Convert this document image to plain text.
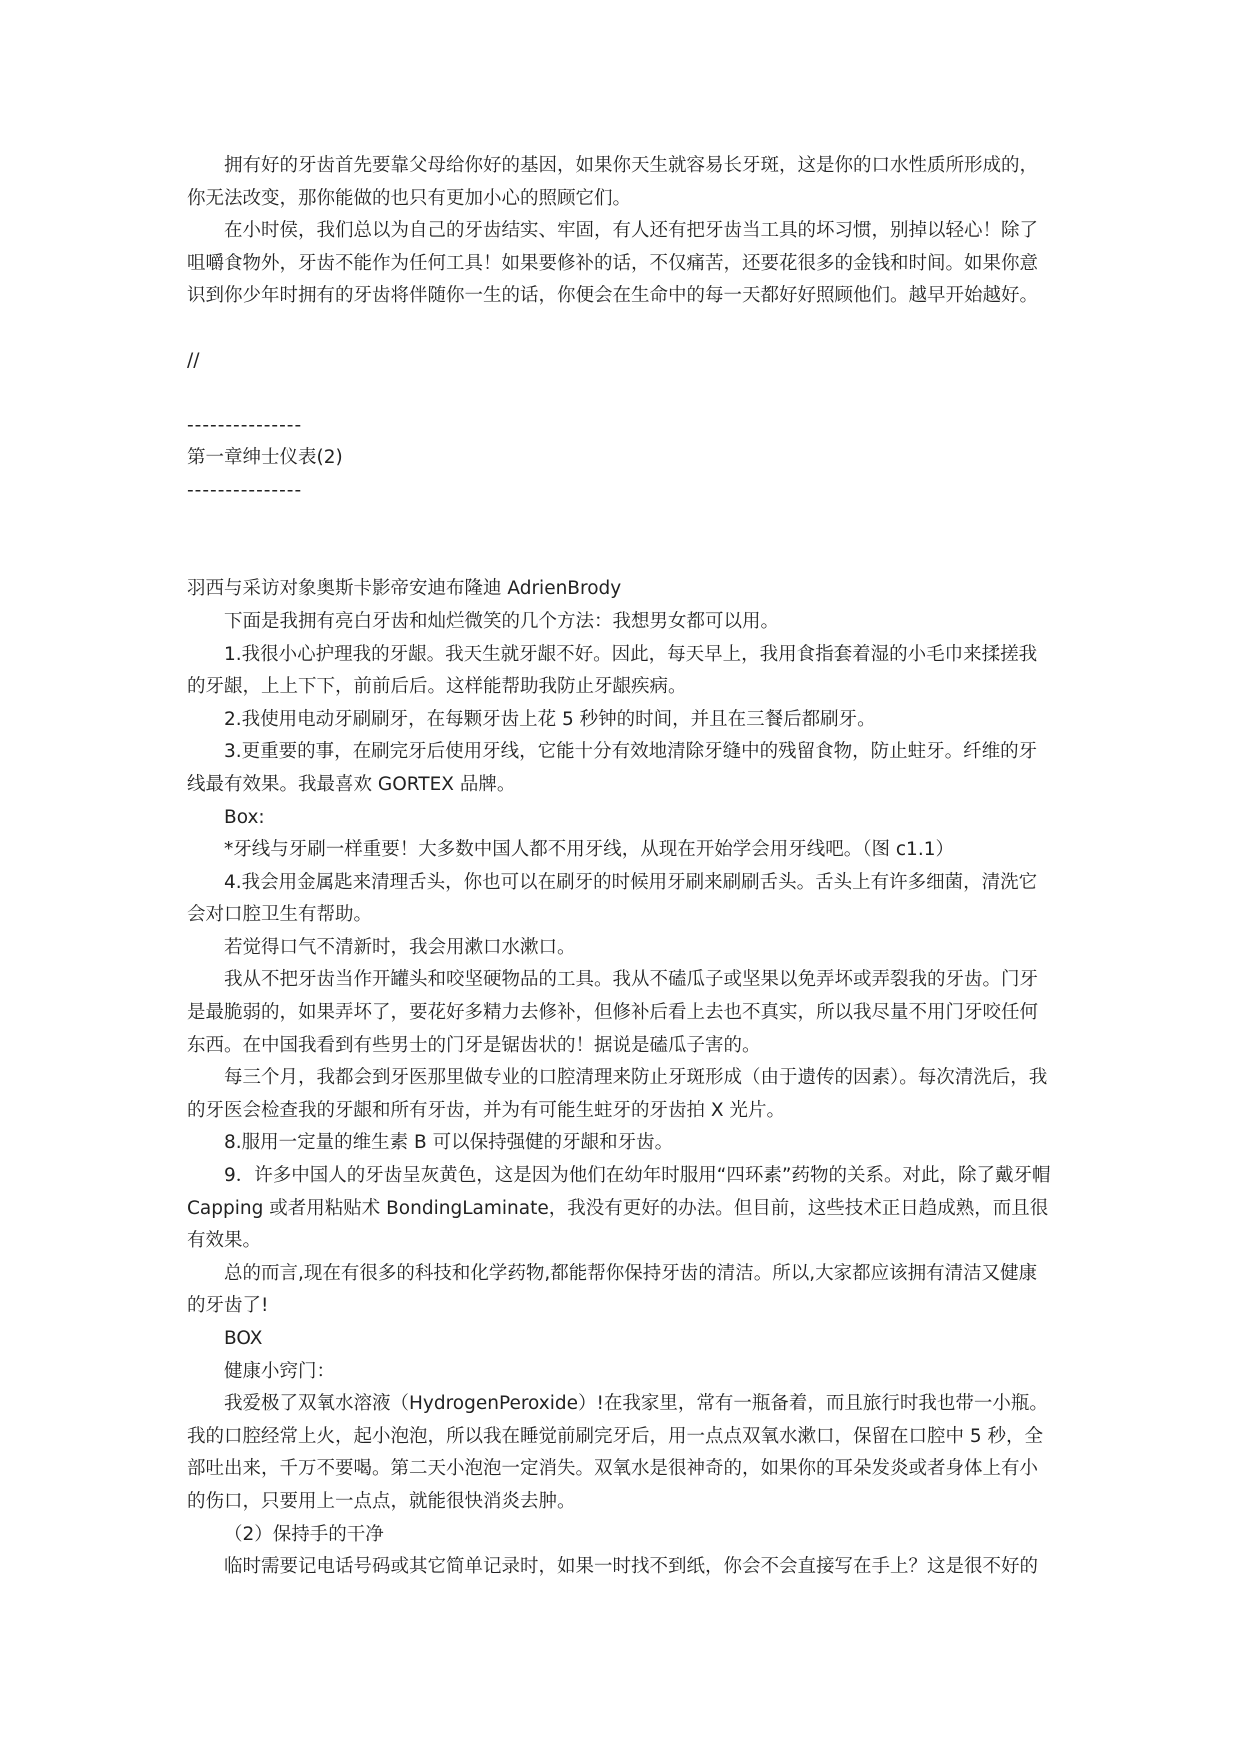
拥有好的牙齿首先要靠父母给你好的基因，如果你天生就容易长牙斑，这是你的口水性质所形成的，你无法改变，那你能做的也只有更加小心的照顾它们。

在小时侯，我们总以为自己的牙齿结实、牢固，有人还有把牙齿当工具的坏习惯，别掉以轻心！除了咀嚼食物外，牙齿不能作为任何工具！如果要修补的话，不仅痛苦，还要花很多的金钱和时间。如果你意识到你少年时拥有的牙齿将伴随你一生的话，你便会在生命中的每一天都好好照顾他们。越早开始越好。

//

---------------

第一章绅士仪表(2)

---------------

羽西与采访对象奥斯卡影帝安迪布隆迪 AdrienBrody

下面是我拥有亮白牙齿和灿烂微笑的几个方法：我想男女都可以用。

1.我很小心护理我的牙龈。我天生就牙龈不好。因此，每天早上，我用食指套着湿的小毛巾来揉搓我的牙龈，上上下下，前前后后。这样能帮助我防止牙龈疾病。

2.我使用电动牙刷刷牙，在每颗牙齿上花 5 秒钟的时间，并且在三餐后都刷牙。

3.更重要的事，在刷完牙后使用牙线，它能十分有效地清除牙缝中的残留食物，防止蛀牙。纤维的牙线最有效果。我最喜欢 GORTEX 品牌。

Box:

*牙线与牙刷一样重要！大多数中国人都不用牙线，从现在开始学会用牙线吧。（图 c1.1）

4.我会用金属匙来清理舌头，你也可以在刷牙的时候用牙刷来刷刷舌头。舌头上有许多细菌，清洗它会对口腔卫生有帮助。

若觉得口气不清新时，我会用漱口水漱口。

我从不把牙齿当作开罐头和咬坚硬物品的工具。我从不磕瓜子或坚果以免弄坏或弄裂我的牙齿。门牙是最脆弱的，如果弄坏了，要花好多精力去修补，但修补后看上去也不真实，所以我尽量不用门牙咬任何东西。在中国我看到有些男士的门牙是锯齿状的！据说是磕瓜子害的。

每三个月，我都会到牙医那里做专业的口腔清理来防止牙斑形成（由于遗传的因素）。每次清洗后，我的牙医会检查我的牙龈和所有牙齿，并为有可能生蛀牙的牙齿拍 X 光片。

8.服用一定量的维生素 B 可以保持强健的牙龈和牙齿。

9．许多中国人的牙齿呈灰黄色，这是因为他们在幼年时服用“四环素”药物的关系。对此，除了戴牙帽 Capping 或者用粘贴术 BondingLaminate，我没有更好的办法。但目前，这些技术正日趋成熟，而且很有效果。

总的而言,现在有很多的科技和化学药物,都能帮你保持牙齿的清洁。所以,大家都应该拥有清洁又健康的牙齿了!

BOX

健康小窍门：

我爱极了双氧水溶液（HydrogenPeroxide）!在我家里，常有一瓶备着，而且旅行时我也带一小瓶。我的口腔经常上火，起小泡泡，所以我在睡觉前刷完牙后，用一点点双氧水漱口，保留在口腔中 5 秒，全部吐出来，千万不要喝。第二天小泡泡一定消失。双氧水是很神奇的，如果你的耳朵发炎或者身体上有小的伤口，只要用上一点点，就能很快消炎去肿。

（2）保持手的干净

临时需要记电话号码或其它简单记录时，如果一时找不到纸，你会不会直接写在手上？这是很不好的
